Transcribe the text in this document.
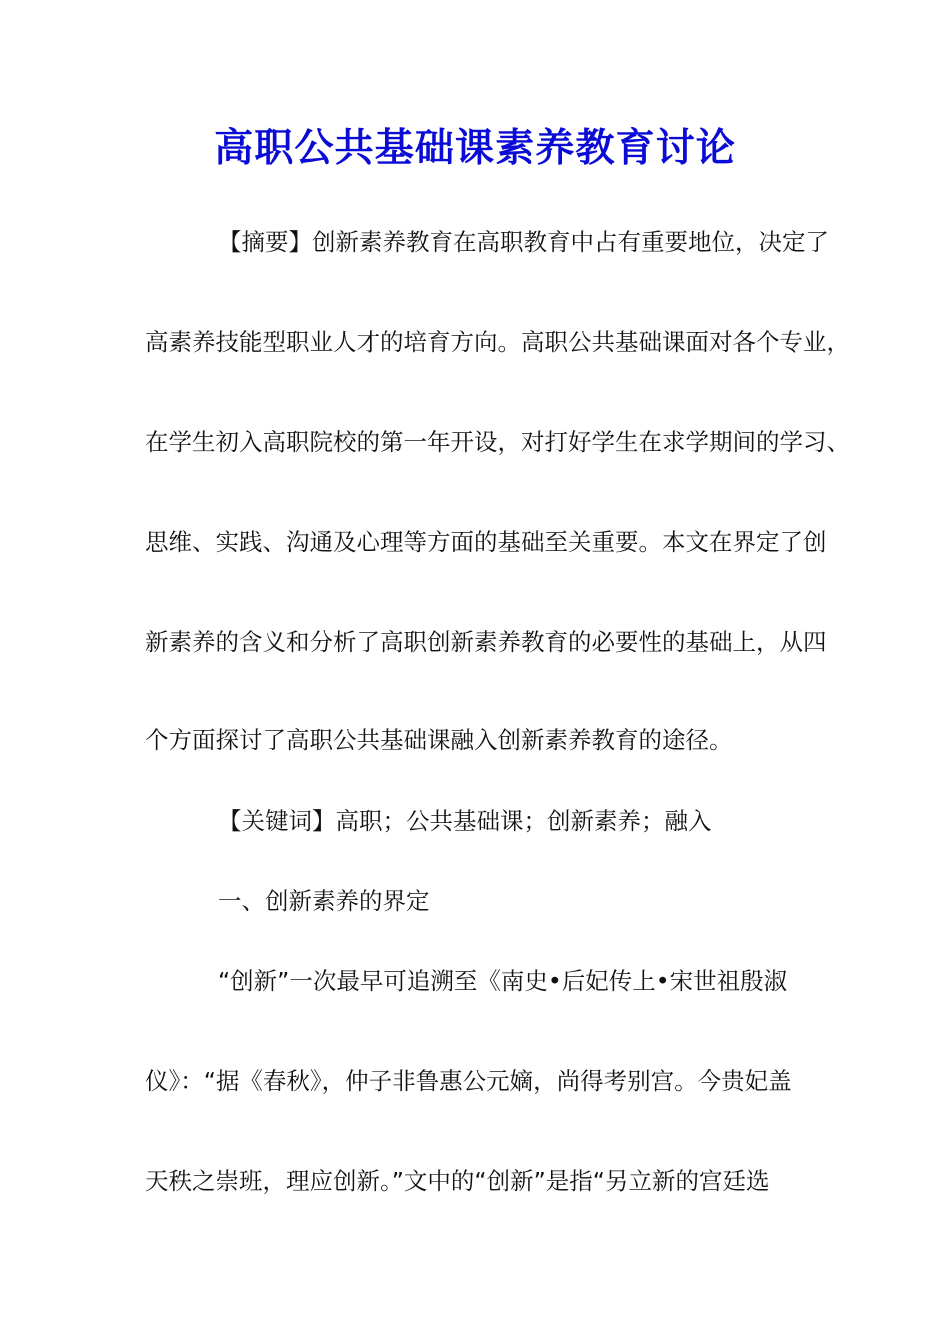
高职公共基础课素养教育讨论
【摘要】创新素养教育在高职教育中占有重要地位，决定了
高素养技能型职业人才的培育方向。高职公共基础课面对各个专业，
在学生初入高职院校的第一年开设，对打好学生在求学期间的学习、
思维、实践、沟通及心理等方面的基础至关重要。本文在界定了创
新素养的含义和分析了高职创新素养教育的必要性的基础上，从四
个方面探讨了高职公共基础课融入创新素养教育的途径。
【关键词】高职；公共基础课；创新素养；融入
一、创新素养的界定
“创新”一次最早可追溯至《南史•后妃传上•宋世祖殷淑
仪》：“据《春秋》，仲子非鲁惠公元嫡，尚得考别宫。今贵妃盖
天秩之崇班，理应创新。”文中的“创新”是指“另立新的宫廷选
